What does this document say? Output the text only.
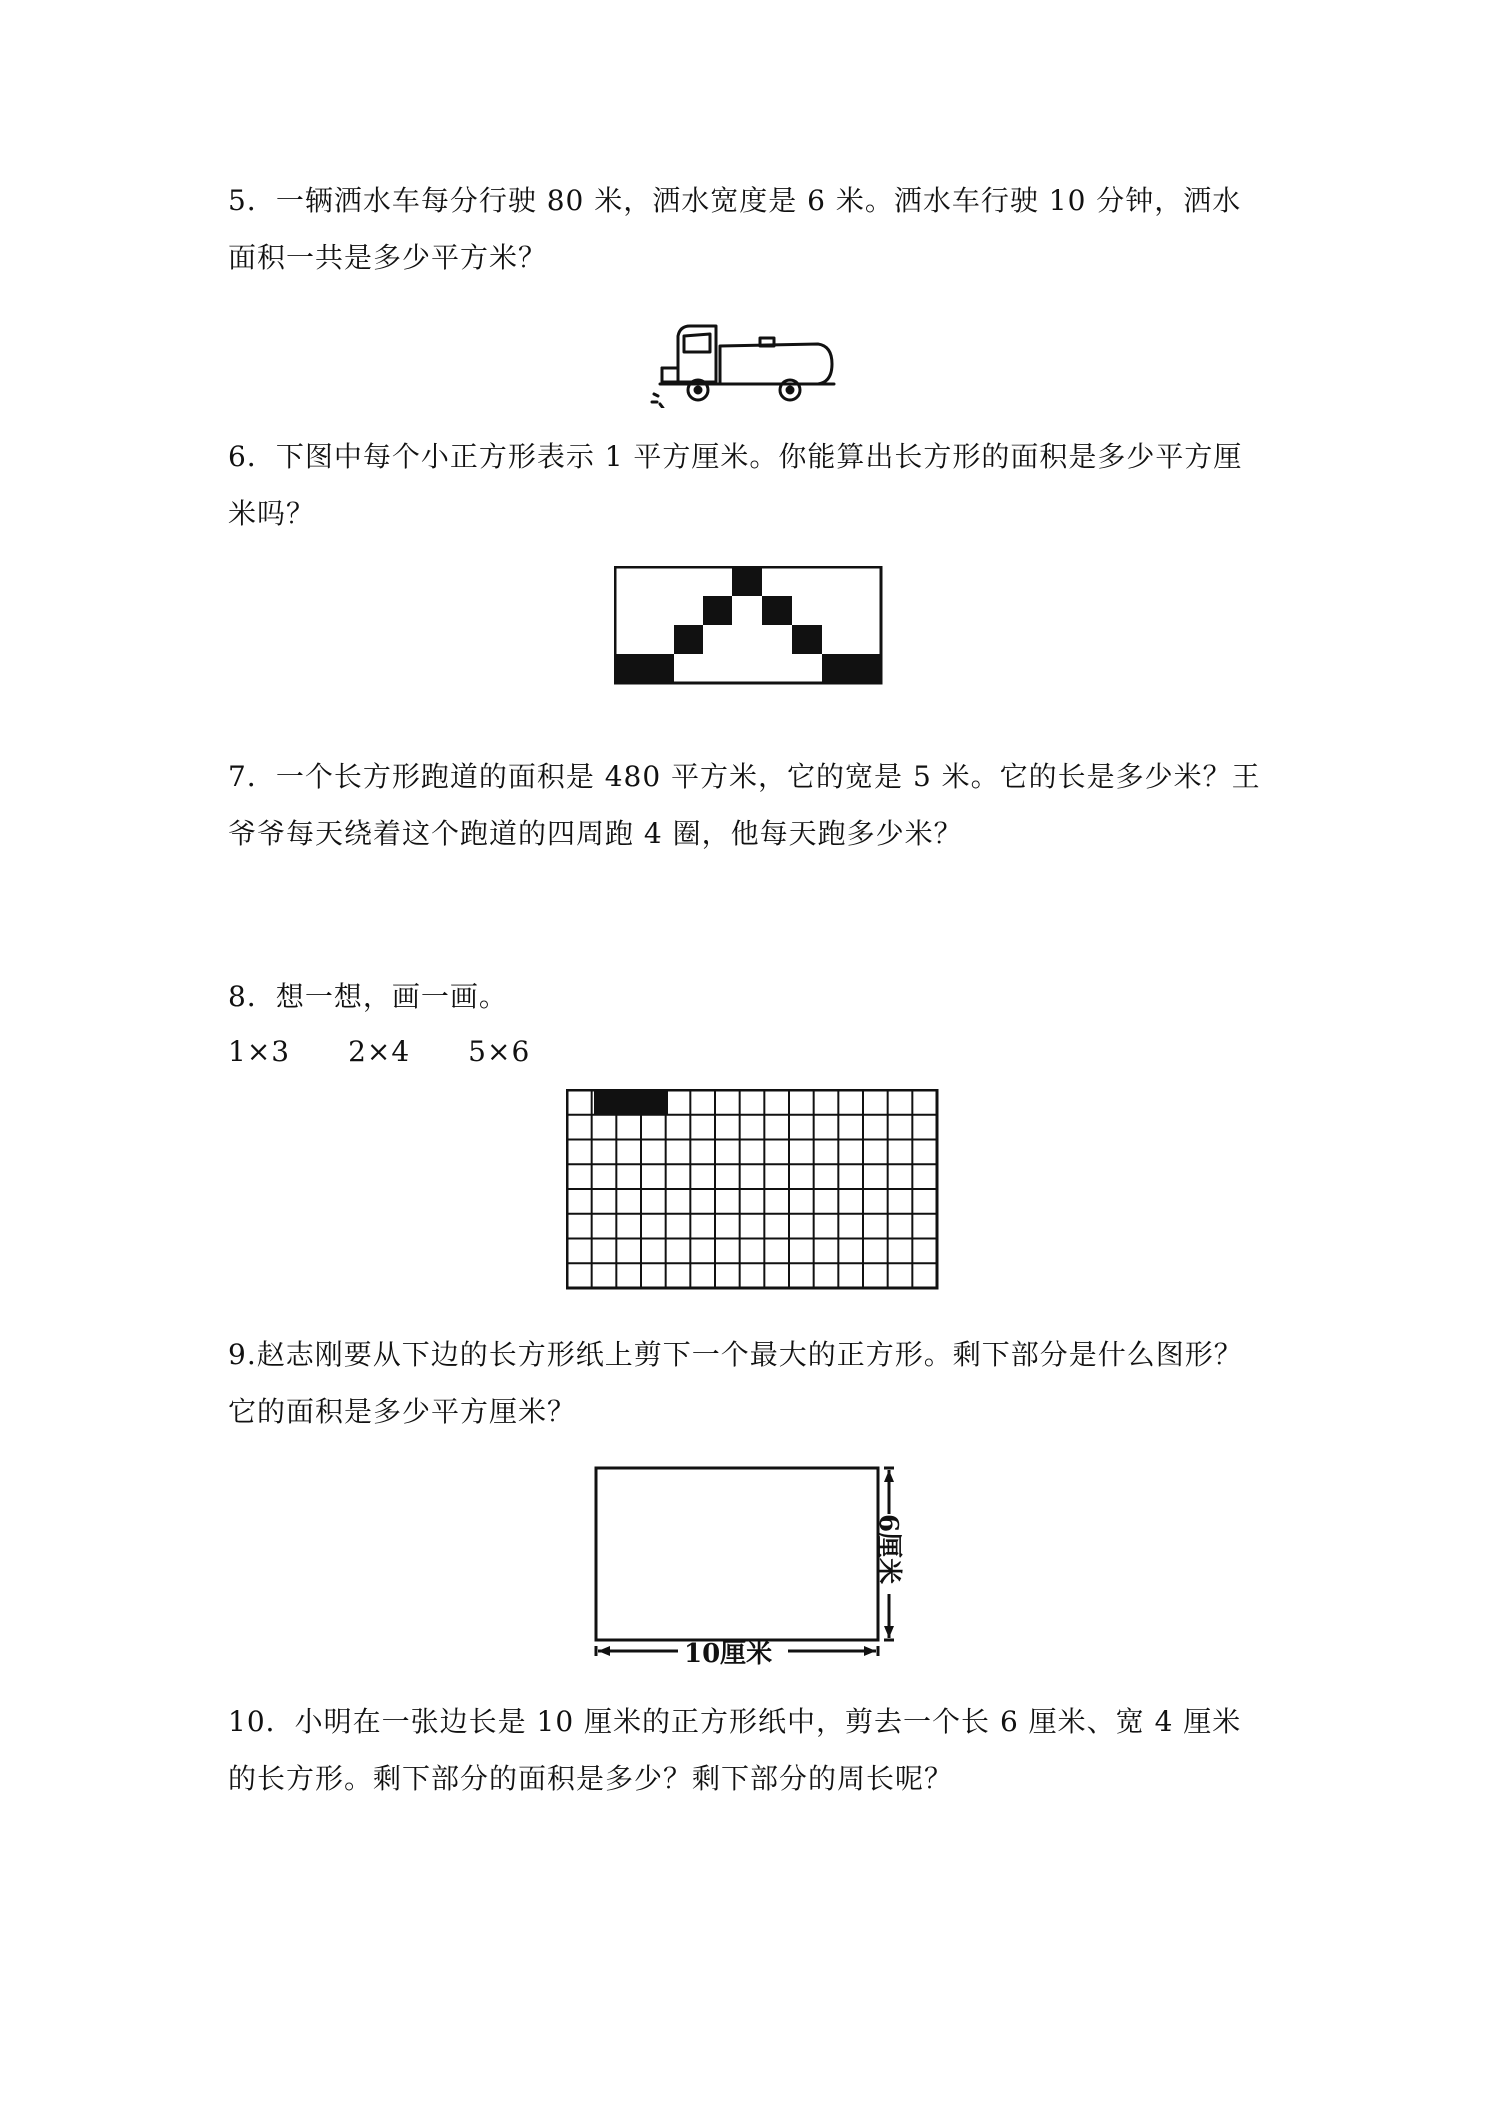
5．一辆洒水车每分行驶 80 米，洒水宽度是 6 米。洒水车行驶 10 分钟，洒水面积一共是多少平方米？

6．下图中每个小正方形表示 1 平方厘米。你能算出长方形的面积是多少平方厘米吗？

7．一个长方形跑道的面积是 480 平方米，它的宽是 5 米。它的长是多少米？王爷爷每天绕着这个跑道的四周跑 4 圈，他每天跑多少米？

8．想一想，画一画。

1×3　　2×4　　5×6

9.赵志刚要从下边的长方形纸上剪下一个最大的正方形。剩下部分是什么图形？它的面积是多少平方厘米？

6厘米
10厘米

10．小明在一张边长是 10 厘米的正方形纸中，剪去一个长 6 厘米、宽 4 厘米的长方形。剩下部分的面积是多少？剩下部分的周长呢？
